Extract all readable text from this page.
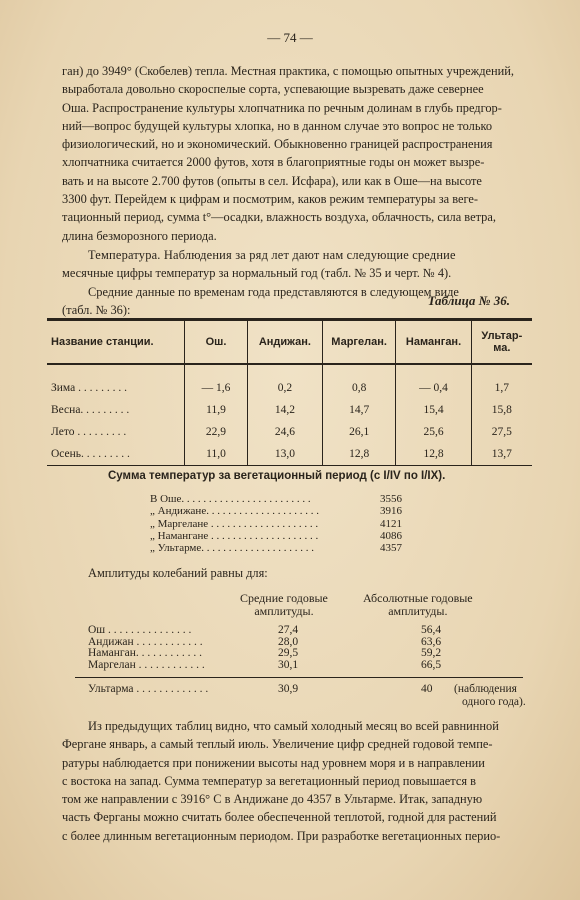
— 74 —
ган) до 3949° (Скобелев) тепла. Местная практика, с помощью опытных учреждений,
выработала довольно скороспелые сорта, успевающие вызревать даже севернее
Оша. Распространение культуры хлопчатника по речным долинам в глубь предгор-
ний—вопрос будущей культуры хлопка, но в данном случае это вопрос не только
физиологический, но и экономический. Обыкновенно границей распространения
хлопчатника считается 2000 футов, хотя в благоприятные годы он может вызре-
вать и на высоте 2.700 футов (опыты в сел. Исфара), или как в Оше—на высоте
3300 фут. Перейдем к цифрам и посмотрим, каков режим температуры за веге-
тационный период, сумма t°—осадки, влажность воздуха, облачность, сила ветра,
длина безморозного периода.
Температура. Наблюдения за ряд лет дают нам следующие средние
месячные цифры температур за нормальный год (табл. № 35 и черт. № 4).
Средние данные по временам года представляются в следующем виде
(табл. № 36):
Таблица № 36.
Название станции.	Ош.	Андижан.	Маргелан.	Наманган.	Ультар-ма.
Зима . . . . . . . . .	— 1,6	0,2	0,8	— 0,4	1,7
Весна. . . . . . . . .	11,9	14,2	14,7	15,4	15,8
Лето . . . . . . . . .	22,9	24,6	26,1	25,6	27,5
Осень. . . . . . . . .	11,0	13,0	12,8	12,8	13,7
Сумма температур за вегетационный период (с I/IV по I/IX).
В Оше. . . . . . . . . . . . . . . . . . . . . . . .	3556
„ Андижане. . . . . . . . . . . . . . . . . . . . .	3916
„ Маргелане . . . . . . . . . . . . . . . . . . . .	4121
„ Намангане . . . . . . . . . . . . . . . . . . . .	4086
„ Ультарме. . . . . . . . . . . . . . . . . . . . .	4357
Амплитуды колебаний равны для:
Средние годовые
амплитуды.
Абсолютные годовые
амплитуды.
Ош . . . . . . . . . . . . . . .	27,4	56,4
Андижан . . . . . . . . . . . .	28,0	63,6
Наманган. . . . . . . . . . . .	29,5	59,2
Маргелан . . . . . . . . . . . .	30,1	66,5
Ультарма . . . . . . . . . . . . .	30,9	40	(наблюдения
одного года).
Из предыдущих таблиц видно, что самый холодный месяц во всей равнинной
Фергане январь, а самый теплый июль. Увеличение цифр средней годовой темпе-
ратуры наблюдается при понижении высоты над уровнем моря и в направлении
с востока на запад. Сумма температур за вегетационный период повышается в
том же направлении с 3916° С в Андижане до 4357 в Ультарме. Итак, западную
часть Ферганы можно считать более обеспеченной теплотой, годной для растений
с более длинным вегетационным периодом. При разработке вегетационных перио-
